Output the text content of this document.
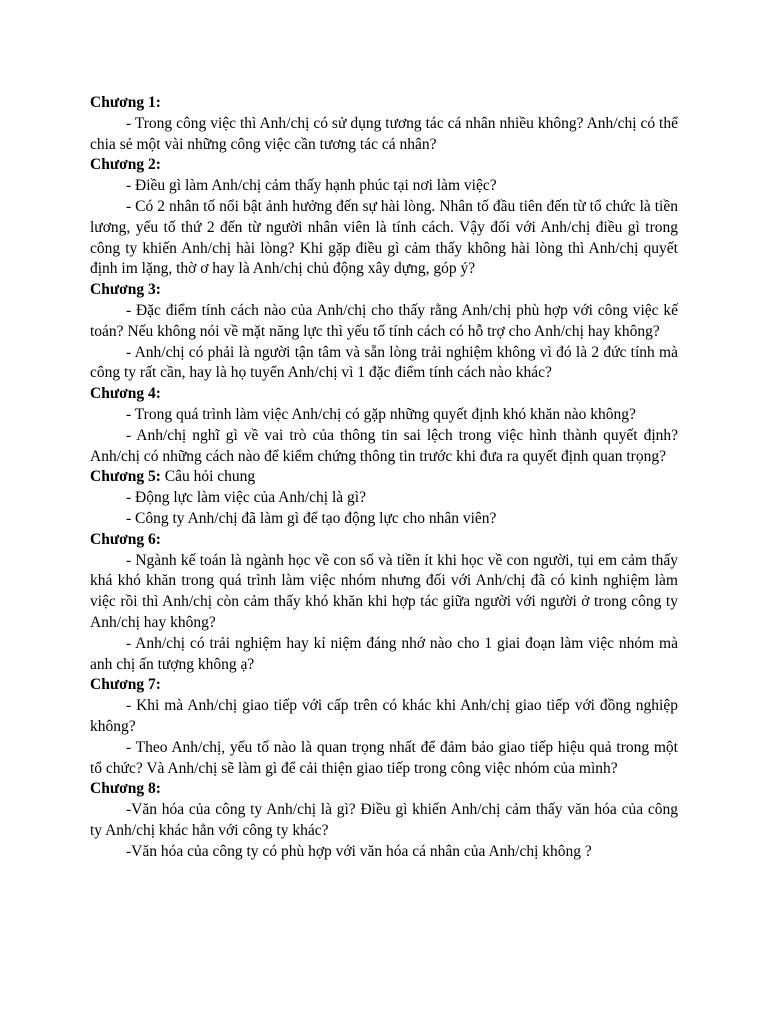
Chương 1:

- Trong công việc thì Anh/chị có sử dụng tương tác cá nhân nhiều không? Anh/chị có thể chia sẻ một vài những công việc cần tương tác cá nhân?

Chương 2:

- Điều gì làm Anh/chị cảm thấy hạnh phúc tại nơi làm việc?

- Có 2 nhân tố nổi bật ảnh hưởng đến sự hài lòng. Nhân tố đầu tiên đến từ tổ chức là tiền lương, yếu tố thứ 2 đến từ người nhân viên là tính cách. Vậy đối với Anh/chị điều gì trong công ty khiến Anh/chị hài lòng? Khi gặp điều gì cảm thấy không hài lòng thì Anh/chị quyết định im lặng, thờ ơ hay là Anh/chị chủ động xây dựng, góp ý?

Chương 3:

- Đặc điểm tính cách nào của Anh/chị cho thấy rằng Anh/chị phù hợp với công việc kế toán? Nếu không nói về mặt năng lực thì yếu tố tính cách có hỗ trợ cho Anh/chị hay không?

- Anh/chị có phải là người tận tâm và sẵn lòng trải nghiệm không vì đó là 2 đức tính mà công ty rất cần, hay là họ tuyển Anh/chị vì 1 đặc điểm tính cách nào khác?

Chương 4:

- Trong quá trình làm việc Anh/chị có gặp những quyết định khó khăn nào không?

- Anh/chị nghĩ gì về vai trò của thông tin sai lệch trong việc hình thành quyết định? Anh/chị có những cách nào để kiểm chứng thông tin trước khi đưa ra quyết định quan trọng?

Chương 5: Câu hỏi chung

- Động lực làm việc của Anh/chị là gì?

- Công ty Anh/chị đã làm gì để tạo động lực cho nhân viên?

Chương 6:

- Ngành kế toán là ngành học về con số và tiền ít khi học về con người, tụi em cảm thấy khá khó khăn trong quá trình làm việc nhóm nhưng đối với Anh/chị đã có kinh nghiệm làm việc rồi thì Anh/chị còn cảm thấy khó khăn khi hợp tác giữa người với người ở trong công ty Anh/chị hay không?

- Anh/chị có trải nghiệm hay kỉ niệm đáng nhớ nào cho 1 giai đoạn làm việc nhóm mà anh chị ấn tượng không ạ?

Chương 7:

- Khi mà Anh/chị giao tiếp với cấp trên có khác khi Anh/chị giao tiếp với đồng nghiệp không?

- Theo Anh/chị, yếu tố nào là quan trọng nhất để đảm bảo giao tiếp hiệu quả trong một tổ chức? Và Anh/chị sẽ làm gì để cải thiện giao tiếp trong công việc nhóm của mình?

Chương 8:

-Văn hóa của công ty Anh/chị là gì? Điều gì khiến Anh/chị cảm thấy văn hóa của công ty Anh/chị khác hẳn với công ty khác?

-Văn hóa của công ty có phù hợp với văn hóa cá nhân của Anh/chị không ?
